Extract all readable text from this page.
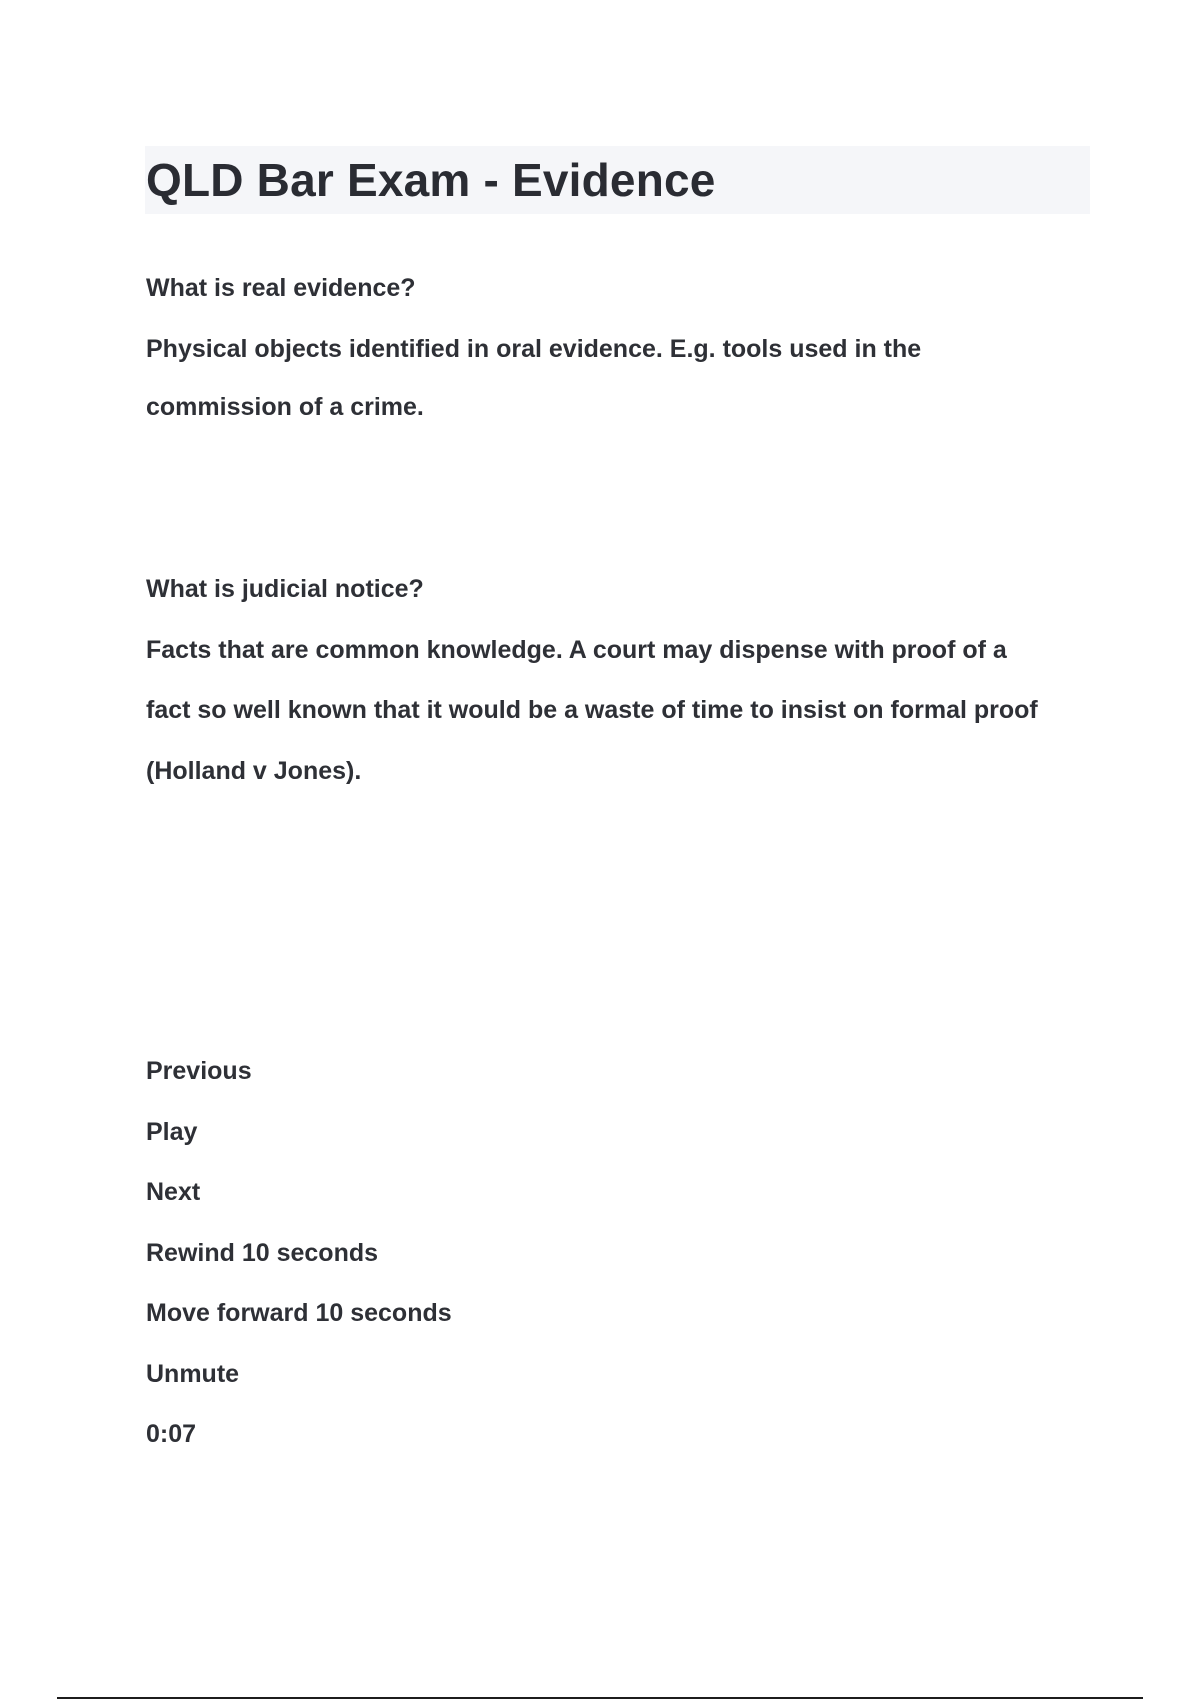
QLD Bar Exam - Evidence

What is real evidence?

Physical objects identified in oral evidence. E.g. tools used in the

commission of a crime.

What is judicial notice?

Facts that are common knowledge. A court may dispense with proof of a

fact so well known that it would be a waste of time to insist on formal proof

(Holland v Jones).

Previous

Play

Next

Rewind 10 seconds

Move forward 10 seconds

Unmute

0:07
